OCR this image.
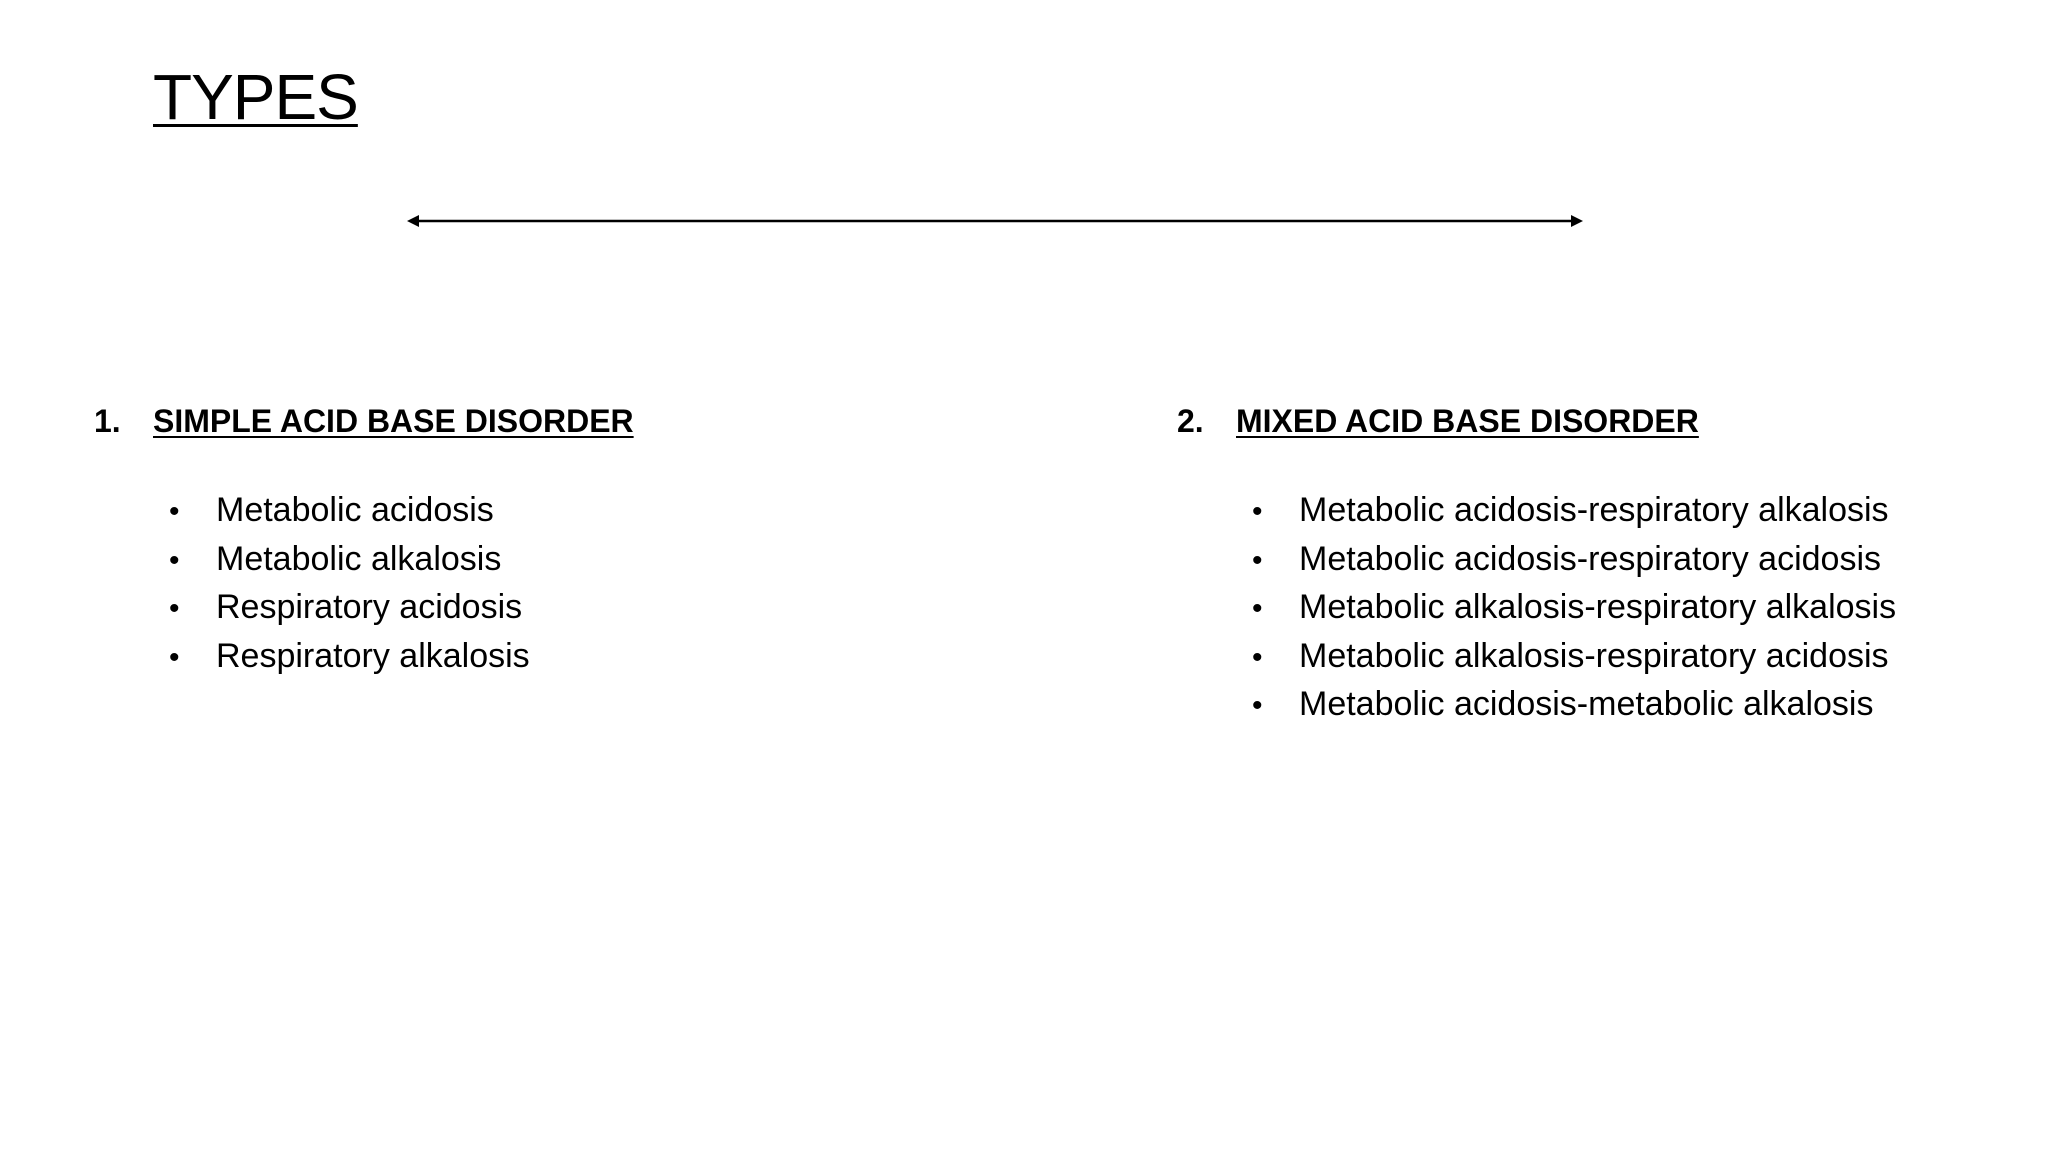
TYPES
1.	SIMPLE ACID BASE DISORDER
•	Metabolic acidosis
•	Metabolic alkalosis
•	Respiratory acidosis
•	Respiratory alkalosis
2.	MIXED ACID BASE DISORDER
•	Metabolic acidosis-respiratory alkalosis
•	Metabolic acidosis-respiratory acidosis
•	Metabolic alkalosis-respiratory alkalosis
•	Metabolic alkalosis-respiratory acidosis
•	Metabolic acidosis-metabolic alkalosis
